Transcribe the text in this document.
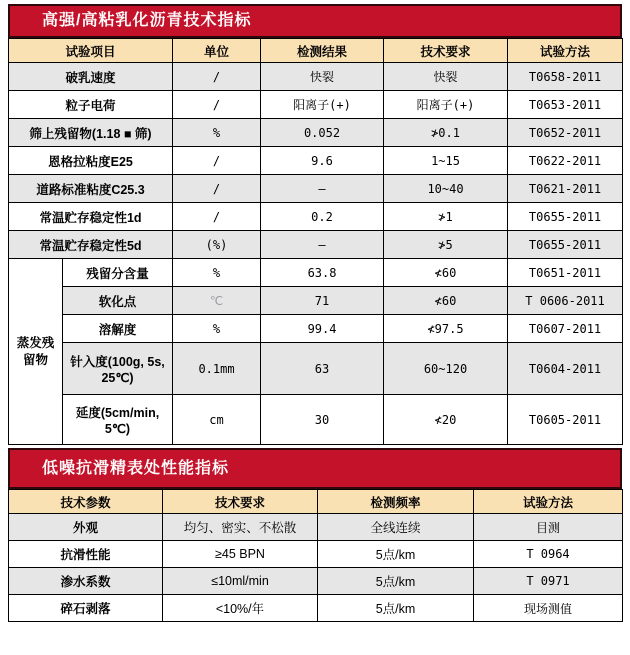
高强/高粘乳化沥青技术指标
试验项目		单位	检测结果	技术要求	试验方法
破乳速度		/	快裂	快裂	T0658-2011
粒子电荷		/	阳离子(+)	阳离子(+)	T0653-2011
筛上残留物(1.18 ■ 筛)		%	0.052	≯0.1	T0652-2011
恩格拉粘度E25		/	9.6	1~15	T0622-2011
道路标准粘度C25.3		/	—	10~40	T0621-2011
常温贮存稳定性1d		/	0.2	≯1	T0655-2011
常温贮存稳定性5d		(%)	—	≯5	T0655-2011
蒸发残留物	残留分含量	%	63.8	≮60	T0651-2011
	软化点	℃	71	≮60	T 0606-2011
	溶解度	%	99.4	≮97.5	T0607-2011
	针入度(100g, 5s, 25℃)	0.1mm	63	60~120	T0604-2011
	延度(5cm/min, 5℃)	cm	30	≮20	T0605-2011
低噪抗滑精表处性能指标
技术参数	技术要求	检测频率	试验方法
外观	均匀、密实、不松散	全线连续	目测
抗滑性能	≥45 BPN	5点/km	T 0964
渗水系数	≤10ml/min	5点/km	T 0971
碎石剥落	<10%/年	5点/km	现场测值
